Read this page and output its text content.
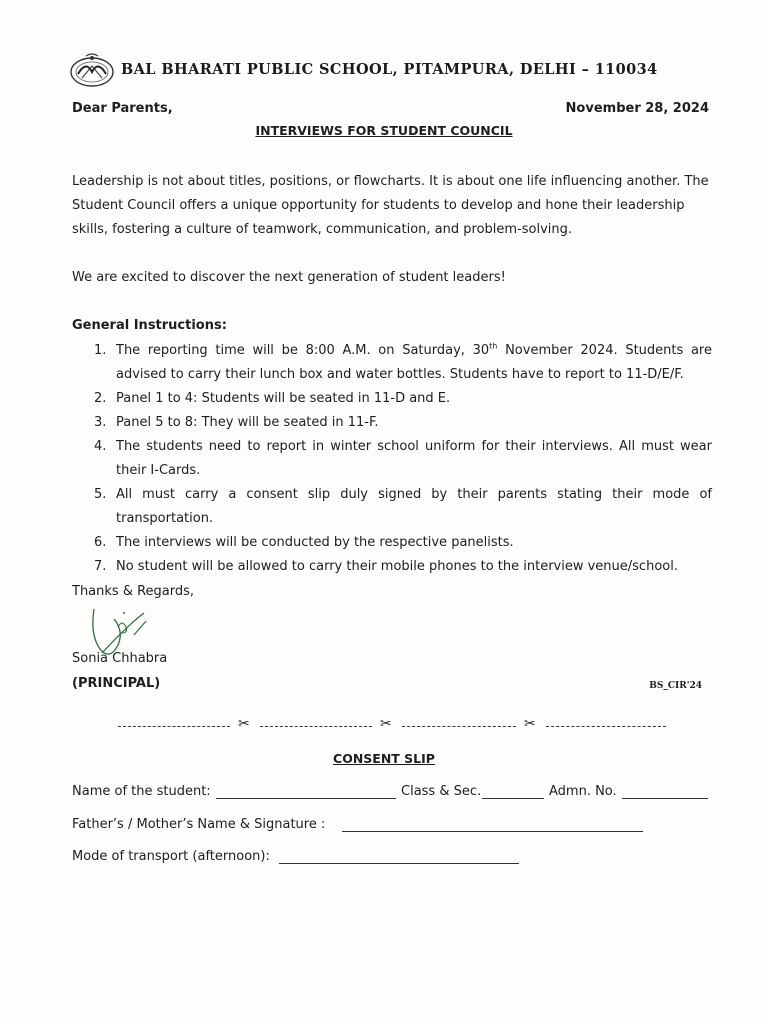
BAL BHARATI PUBLIC SCHOOL, PITAMPURA, DELHI – 110034
Dear Parents,	November 28, 2024
INTERVIEWS FOR STUDENT COUNCIL
Leadership is not about titles, positions, or flowcharts. It is about one life influencing another. The Student Council offers a unique opportunity for students to develop and hone their leadership skills, fostering a culture of teamwork, communication, and problem-solving.
We are excited to discover the next generation of student leaders!
General Instructions:
1. The reporting time will be 8:00 A.M. on Saturday, 30th November 2024. Students are advised to carry their lunch box and water bottles. Students have to report to 11-D/E/F.
2. Panel 1 to 4: Students will be seated in 11-D and E.
3. Panel 5 to 8: They will be seated in 11-F.
4. The students need to report in winter school uniform for their interviews. All must wear their I-Cards.
5. All must carry a consent slip duly signed by their parents stating their mode of transportation.
6. The interviews will be conducted by the respective panelists.
7. No student will be allowed to carry their mobile phones to the interview venue/school.
Thanks & Regards,
Sonia Chhabra
(PRINCIPAL)	BS_CIR'24
✂	✂	✂
CONSENT SLIP
Name of the student:	Class & Sec.	Admn. No.
Father’s / Mother’s Name & Signature :
Mode of transport (afternoon):
